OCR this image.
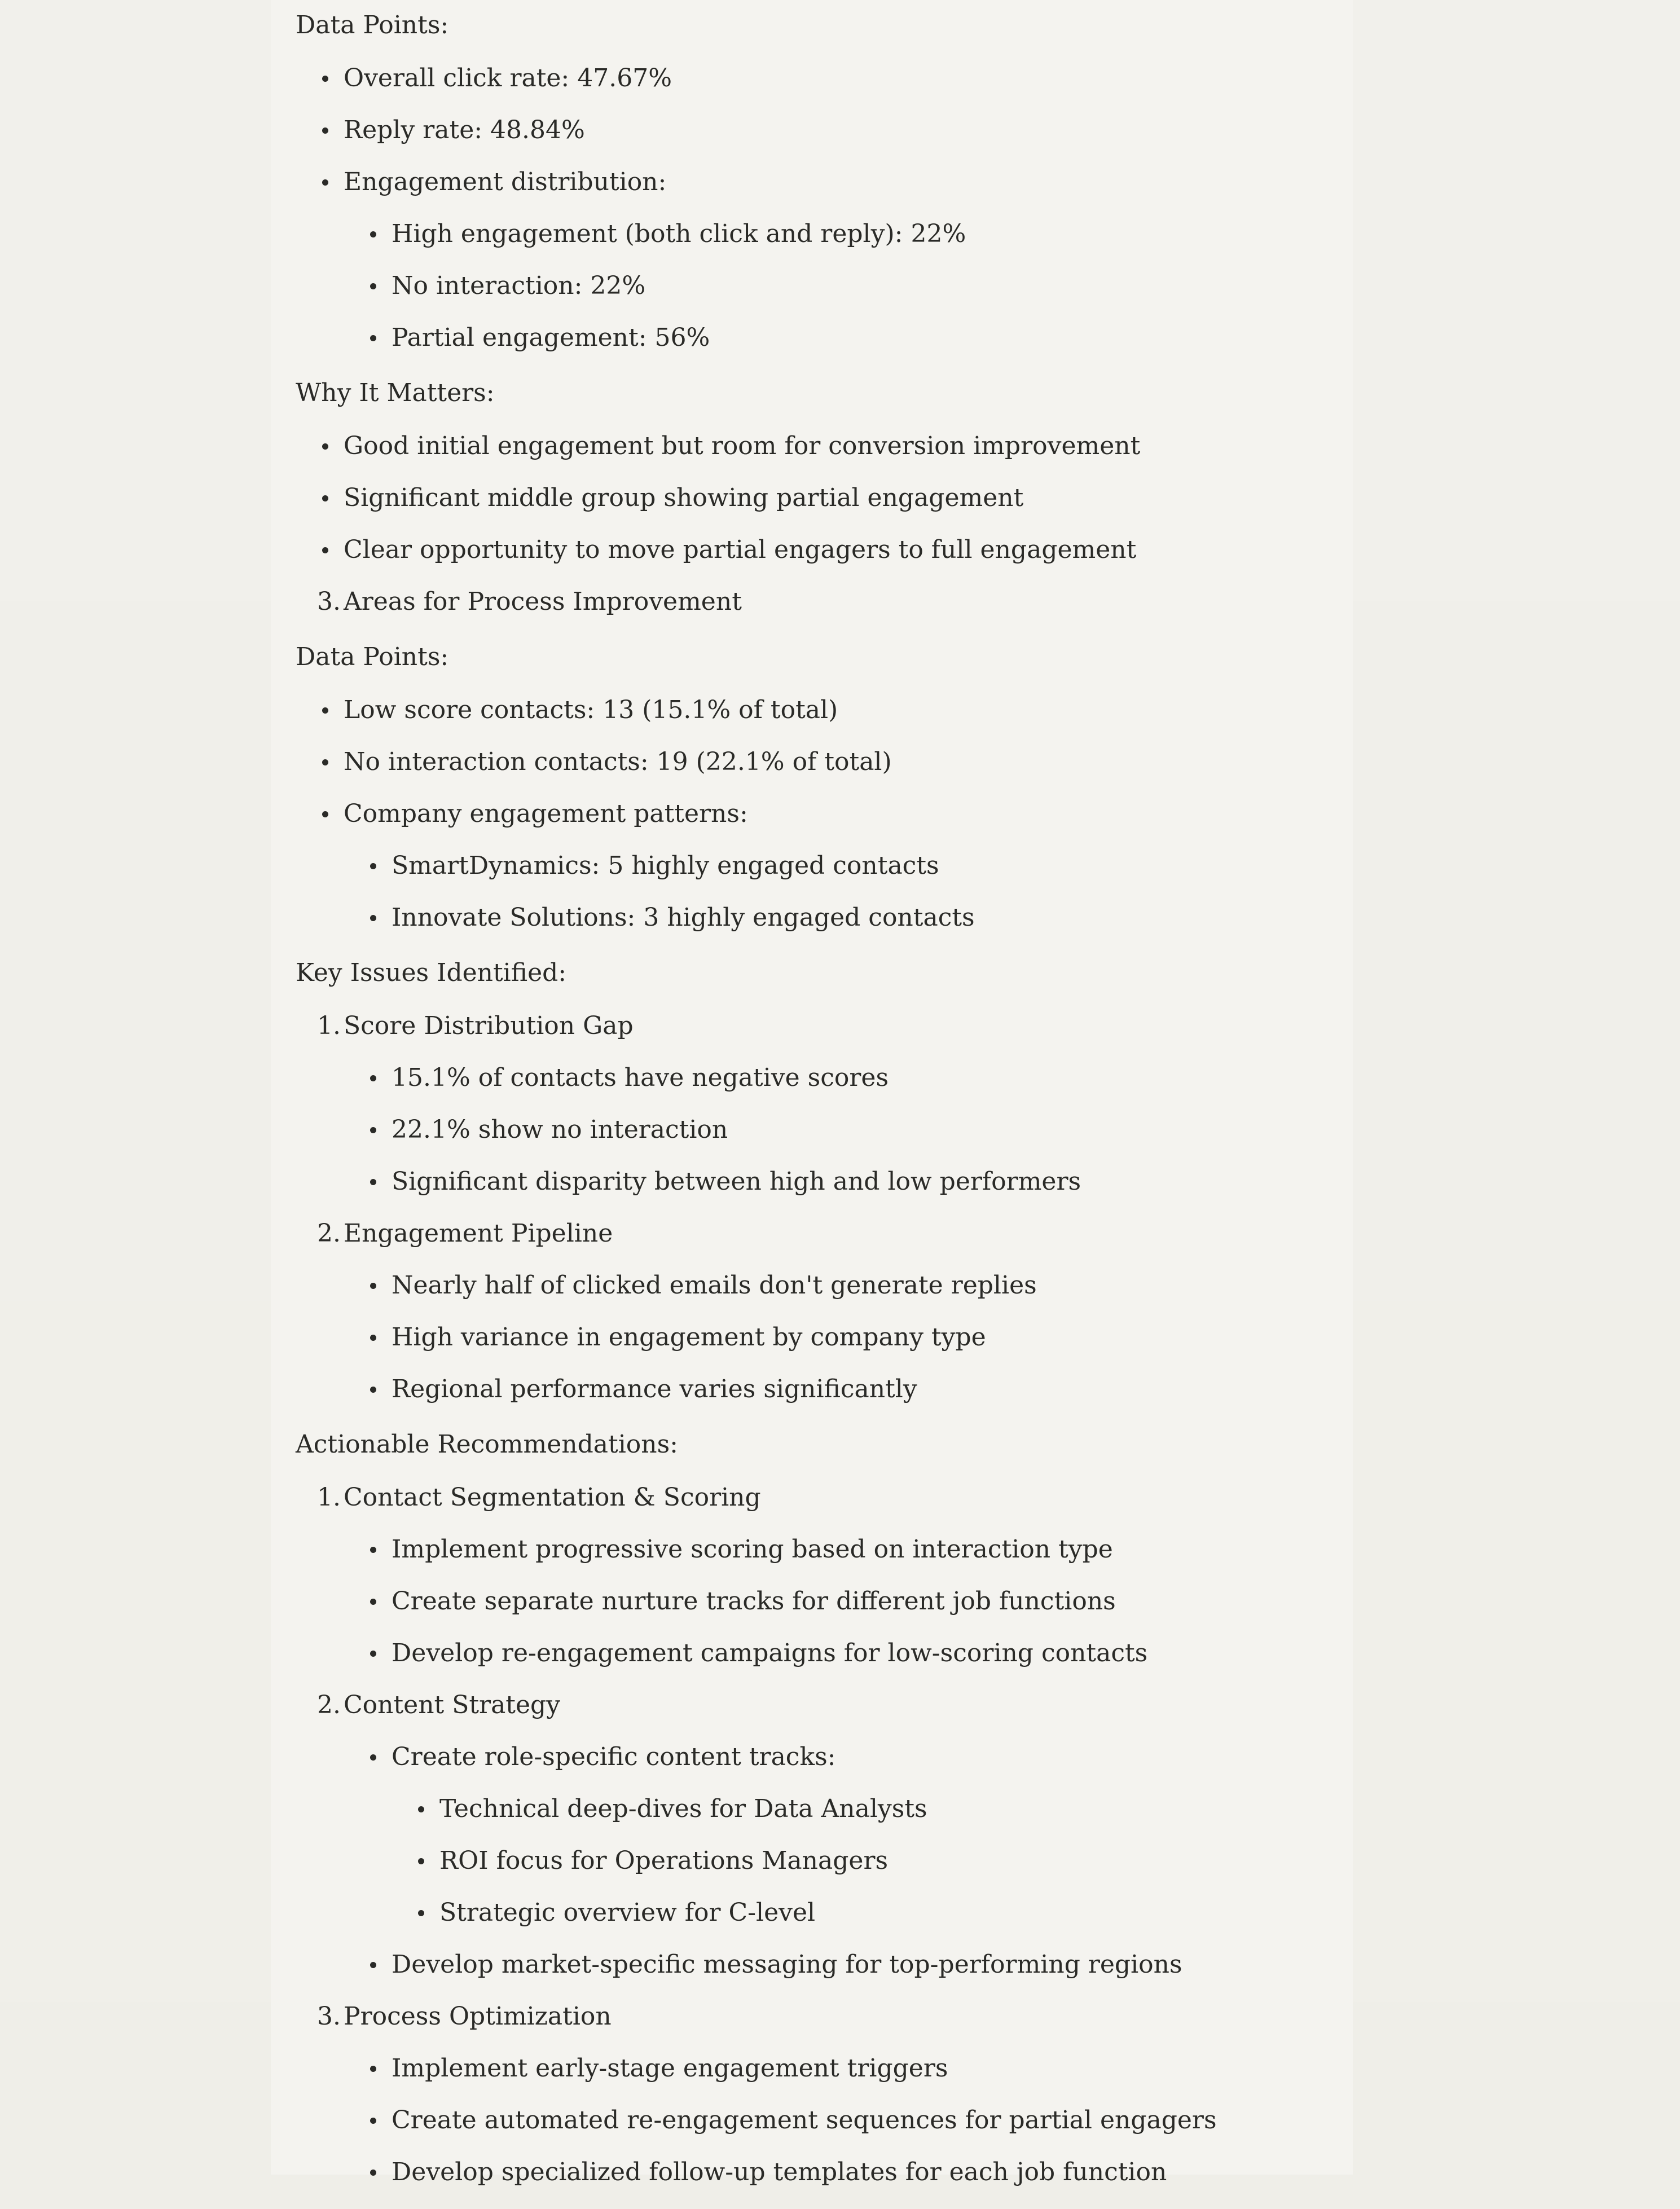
Data Points:
Overall click rate: 47.67%
Reply rate: 48.84%
Engagement distribution:
High engagement (both click and reply): 22%
No interaction: 22%
Partial engagement: 56%
Why It Matters:
Good initial engagement but room for conversion improvement
Significant middle group showing partial engagement
Clear opportunity to move partial engagers to full engagement
3. Areas for Process Improvement
Data Points:
Low score contacts: 13 (15.1% of total)
No interaction contacts: 19 (22.1% of total)
Company engagement patterns:
SmartDynamics: 5 highly engaged contacts
Innovate Solutions: 3 highly engaged contacts
Key Issues Identified:
1. Score Distribution Gap
15.1% of contacts have negative scores
22.1% show no interaction
Significant disparity between high and low performers
2. Engagement Pipeline
Nearly half of clicked emails don't generate replies
High variance in engagement by company type
Regional performance varies significantly
Actionable Recommendations:
1. Contact Segmentation & Scoring
Implement progressive scoring based on interaction type
Create separate nurture tracks for different job functions
Develop re-engagement campaigns for low-scoring contacts
2. Content Strategy
Create role-specific content tracks:
Technical deep-dives for Data Analysts
ROI focus for Operations Managers
Strategic overview for C-level
Develop market-specific messaging for top-performing regions
3. Process Optimization
Implement early-stage engagement triggers
Create automated re-engagement sequences for partial engagers
Develop specialized follow-up templates for each job function
